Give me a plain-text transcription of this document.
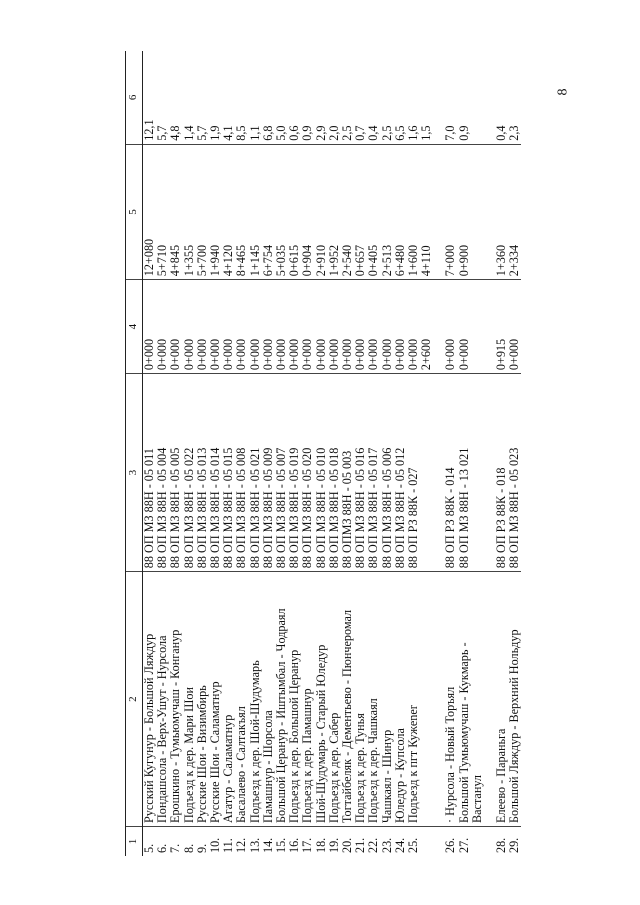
8
1	2	3	4	5	6
5.	Русский Кугунур - Большой Ляждур	88 ОП МЗ 88Н - 05 011	0+000	12+080	12,1
6.	Пондашсола - Верх-Ушут - Нурсола	88 ОП МЗ 88Н - 05 004	0+000	5+710	5,7
7.	Ерошкино - Тумьюмучаш - Конганур	88 ОП МЗ 88Н - 05 005	0+000	4+845	4,8
8.	Подъезд к дер. Мари Шои	88 ОП МЗ 88Н - 05 022	0+000	1+355	1,4
9.	Русские Шои - Визимбирь	88 ОП МЗ 88Н - 05 013	0+000	5+700	5,7
10.	Русские Шои - Саламатнур	88 ОП МЗ 88Н - 05 014	0+000	1+940	1,9
11.	Агатур - Саламатнур	88 ОП МЗ 88Н - 05 015	0+000	4+120	4,1
12.	Басалаево - Салтакъял	88 ОП МЗ 88Н - 05 008	0+000	8+465	8,5
13.	Подъезд к дер. Шой-Шудумарь	88 ОП МЗ 88Н - 05 021	0+000	1+145	1,1
14.	Памашнур - Шорсола	88 ОП МЗ 88Н - 05 009	0+000	6+754	6,8
15.	Большой Церанур - Иштымбал - Чодраял	88 ОП МЗ 88Н - 05 007	0+000	5+035	5,0
16.	Подъезд к дер. Большой Церанур	88 ОП МЗ 88Н - 05 019	0+000	0+615	0,6
17.	Подъезд к дер. Памашнур	88 ОП МЗ 88Н - 05 020	0+000	0+904	0,9
18.	Шой-Шудумарь - Старый Юледур	88 ОП МЗ 88Н - 05 010	0+000	2+910	2,9
19.	Подъезд к дер. Сабер	88 ОП МЗ 88Н - 05 018	0+000	1+952	2,0
20.	Тогтайбеляк - Дементьево - Пюнчеромал	88 ОПМЗ 88Н - 05 003	0+000	2+540	2,5
21.	Подъезд к дер. Тунья	88 ОП МЗ 88Н - 05 016	0+000	0+657	0,7
22.	Подъезд к дер. Чашкаял	88 ОП МЗ 88Н - 05 017	0+000	0+405	0,4
23.	Чашкаял - Шинур	88 ОП МЗ 88Н - 05 006	0+000	2+513	2,5
24.	Юледур - Купсола	88 ОП МЗ 88Н - 05 012	0+000	6+480	6,5
25.	Подъезд к пгт Кужener	88 ОП РЗ 88К - 027	0+000	1+600	1,6
			2+600	4+110	1,5

26.	· Нурсола - Новый Торъял	88 ОП РЗ 88К - 014	0+000	7+000	7,0
27.	Большой Тумьюмучаш - Кукмарь -	88 ОП МЗ 88Н - 13 021	0+000	0+900	0,9
	Вастанул				

28.	Елеево - Параньга	88 ОП РЗ 88К - 018	0+915	1+360	0,4
29.	Большой Ляждур - Верхний Нольдур	88 ОП МЗ 88Н - 05 023	0+000	2+334	2,3
